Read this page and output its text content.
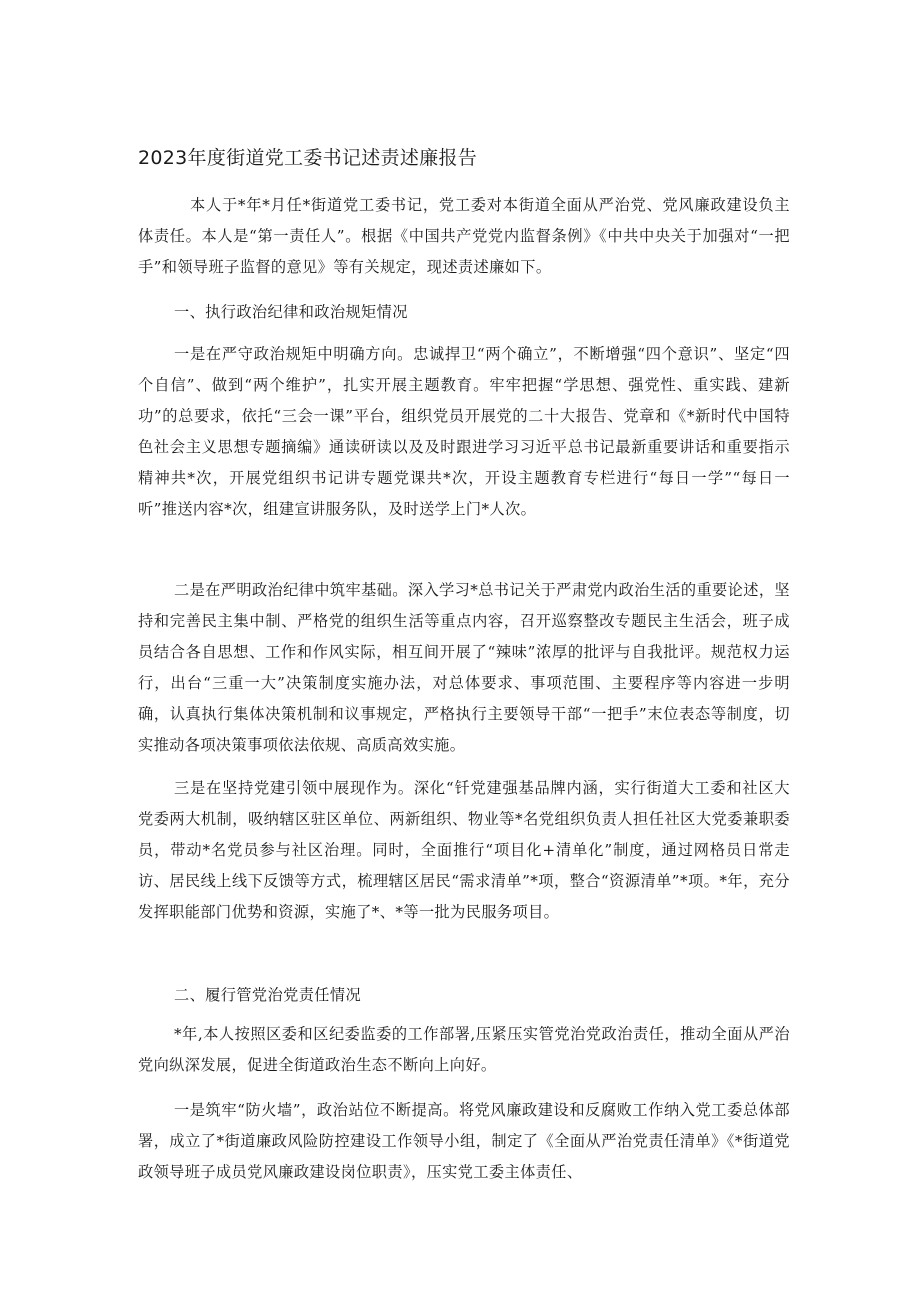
2023年度街道党工委书记述责述廉报告

本人于*年*月任*街道党工委书记，党工委对本街道全面从严治党、党风廉政建设负主体责任。本人是“第一责任人”。根据《中国共产党党内监督条例》《中共中央关于加强对“一把手”和领导班子监督的意见》等有关规定，现述责述廉如下。

一、执行政治纪律和政治规矩情况

一是在严守政治规矩中明确方向。忠诚捍卫“两个确立”，不断增强“四个意识”、坚定“四个自信”、做到“两个维护”，扎实开展主题教育。牢牢把握“学思想、强党性、重实践、建新功”的总要求，依托“三会一课”平台，组织党员开展党的二十大报告、党章和《*新时代中国特色社会主义思想专题摘编》通读研读以及及时跟进学习习近平总书记最新重要讲话和重要指示精神共*次，开展党组织书记讲专题党课共*次，开设主题教育专栏进行“每日一学”“每日一听”推送内容*次，组建宣讲服务队，及时送学上门*人次。

二是在严明政治纪律中筑牢基础。深入学习*总书记关于严肃党内政治生活的重要论述，坚持和完善民主集中制、严格党的组织生活等重点内容，召开巡察整改专题民主生活会，班子成员结合各自思想、工作和作风实际，相互间开展了“辣味”浓厚的批评与自我批评。规范权力运行，出台“三重一大”决策制度实施办法，对总体要求、事项范围、主要程序等内容进一步明确，认真执行集体决策机制和议事规定，严格执行主要领导干部“一把手”末位表态等制度，切实推动各项决策事项依法依规、高质高效实施。

三是在坚持党建引领中展现作为。深化“钎党建强基品牌内涵，实行街道大工委和社区大党委两大机制，吸纳辖区驻区单位、两新组织、物业等*名党组织负责人担任社区大党委兼职委员，带动*名党员参与社区治理。同时，全面推行“项目化+清单化”制度，通过网格员日常走访、居民线上线下反馈等方式，梳理辖区居民“需求清单”*项，整合“资源清单”*项。*年，充分发挥职能部门优势和资源，实施了*、*等一批为民服务项目。

二、履行管党治党责任情况

*年,本人按照区委和区纪委监委的工作部署,压紧压实管党治党政治责任，推动全面从严治党向纵深发展，促进全街道政治生态不断向上向好。

一是筑牢“防火墙”，政治站位不断提高。将党风廉政建设和反腐败工作纳入党工委总体部署，成立了*街道廉政风险防控建设工作领导小组，制定了《全面从严治党责任清单》《*街道党政领导班子成员党风廉政建设岗位职责》，压实党工委主体责任、
